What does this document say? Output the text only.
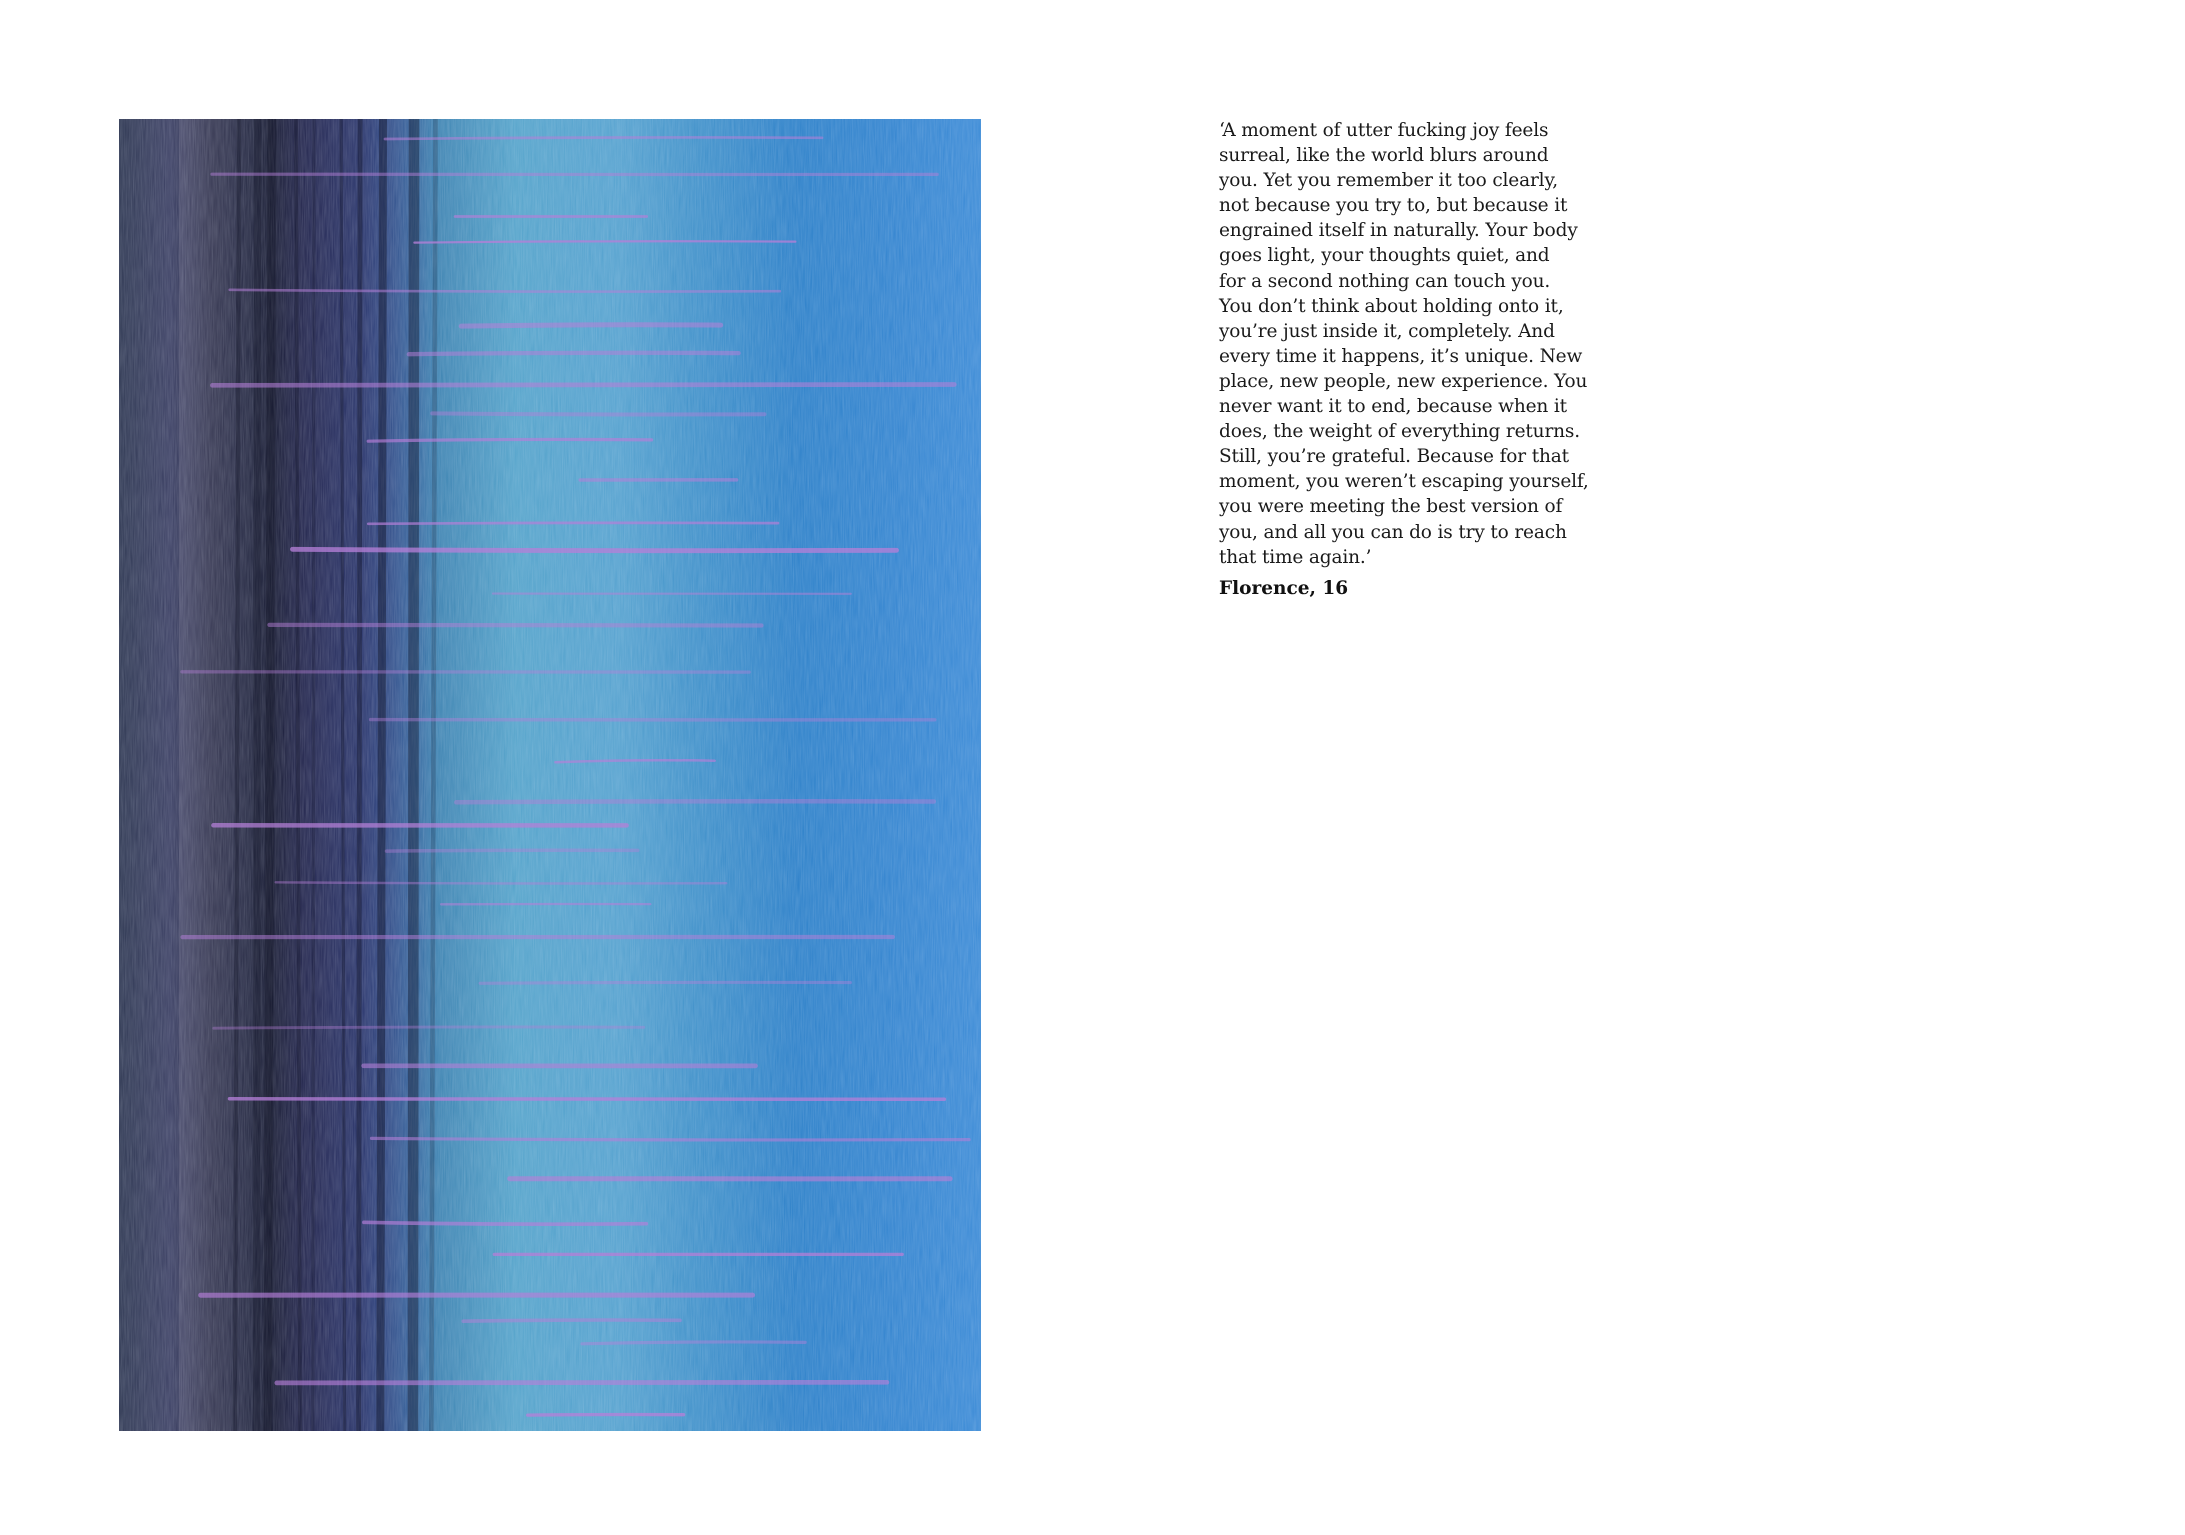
‘A moment of utter fucking joy feels
surreal, like the world blurs around
you. Yet you remember it too clearly,
not because you try to, but because it
engrained itself in naturally. Your body
goes light, your thoughts quiet, and
for a second nothing can touch you.
You don’t think about holding onto it,
you’re just inside it, completely. And
every time it happens, it’s unique. New
place, new people, new experience. You
never want it to end, because when it
does, the weight of everything returns.
Still, you’re grateful. Because for that
moment, you weren’t escaping yourself,
you were meeting the best version of
you, and all you can do is try to reach
that time again.’

Florence, 16
